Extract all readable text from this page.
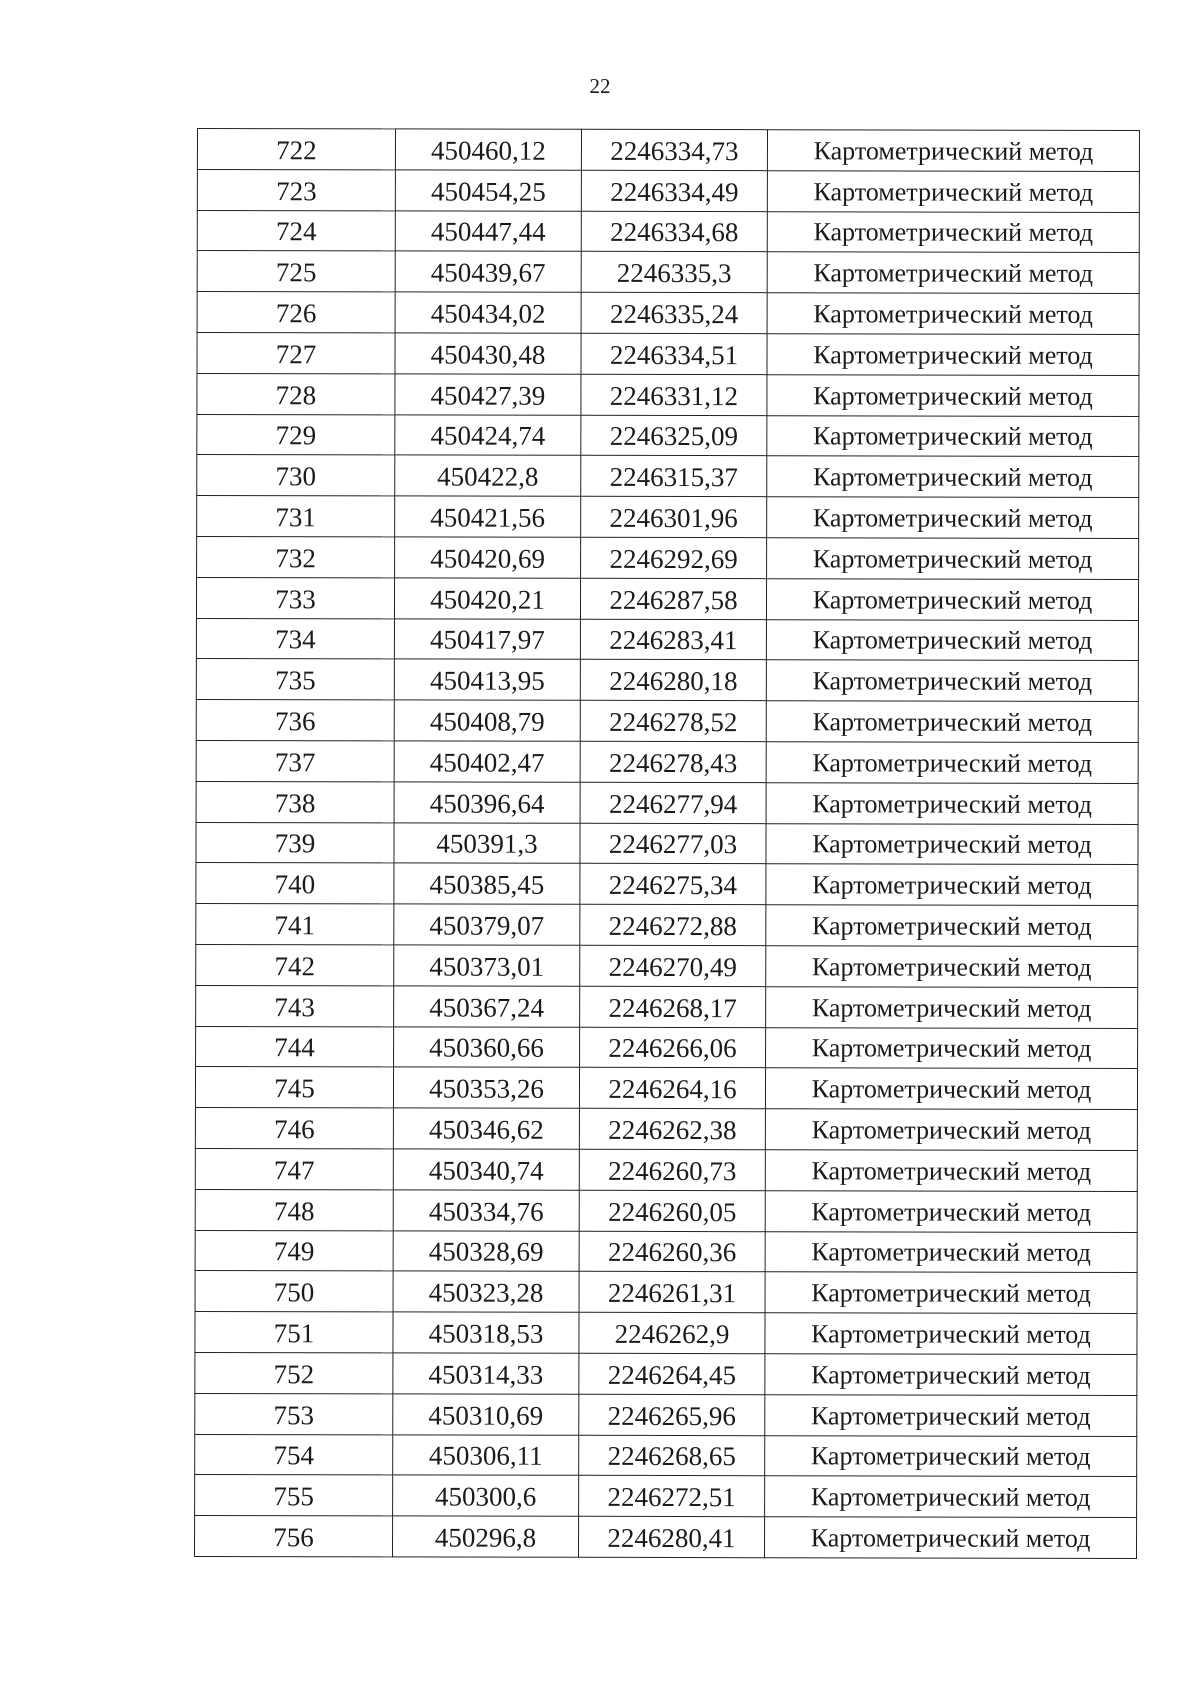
22
722	450460,12	2246334,73	Картометрический метод
723	450454,25	2246334,49	Картометрический метод
724	450447,44	2246334,68	Картометрический метод
725	450439,67	2246335,3	Картометрический метод
726	450434,02	2246335,24	Картометрический метод
727	450430,48	2246334,51	Картометрический метод
728	450427,39	2246331,12	Картометрический метод
729	450424,74	2246325,09	Картометрический метод
730	450422,8	2246315,37	Картометрический метод
731	450421,56	2246301,96	Картометрический метод
732	450420,69	2246292,69	Картометрический метод
733	450420,21	2246287,58	Картометрический метод
734	450417,97	2246283,41	Картометрический метод
735	450413,95	2246280,18	Картометрический метод
736	450408,79	2246278,52	Картометрический метод
737	450402,47	2246278,43	Картометрический метод
738	450396,64	2246277,94	Картометрический метод
739	450391,3	2246277,03	Картометрический метод
740	450385,45	2246275,34	Картометрический метод
741	450379,07	2246272,88	Картометрический метод
742	450373,01	2246270,49	Картометрический метод
743	450367,24	2246268,17	Картометрический метод
744	450360,66	2246266,06	Картометрический метод
745	450353,26	2246264,16	Картометрический метод
746	450346,62	2246262,38	Картометрический метод
747	450340,74	2246260,73	Картометрический метод
748	450334,76	2246260,05	Картометрический метод
749	450328,69	2246260,36	Картометрический метод
750	450323,28	2246261,31	Картометрический метод
751	450318,53	2246262,9	Картометрический метод
752	450314,33	2246264,45	Картометрический метод
753	450310,69	2246265,96	Картометрический метод
754	450306,11	2246268,65	Картометрический метод
755	450300,6	2246272,51	Картометрический метод
756	450296,8	2246280,41	Картометрический метод
